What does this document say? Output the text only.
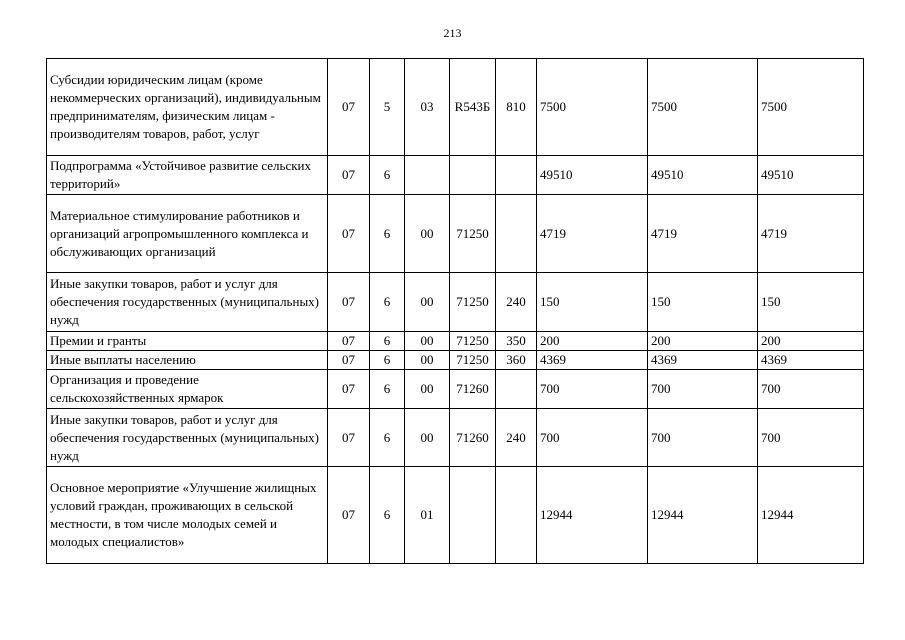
213
Субсидии юридическим лицам (кроме некоммерческих организаций), индивидуальным предпринимателям, физическим лицам - производителям товаров, работ, услуг	07	5	03	R543Б	810	7500	7500	7500
Подпрограмма «Устойчивое развитие сельских территорий»	07	6				49510	49510	49510
Материальное стимулирование работников и организаций агропромышленного комплекса и обслуживающих организаций	07	6	00	71250		4719	4719	4719
Иные закупки товаров, работ и услуг для обеспечения государственных (муниципальных) нужд	07	6	00	71250	240	150	150	150
Премии и гранты	07	6	00	71250	350	200	200	200
Иные выплаты населению	07	6	00	71250	360	4369	4369	4369
Организация и проведение сельскохозяйственных ярмарок	07	6	00	71260		700	700	700
Иные закупки товаров, работ и услуг для обеспечения государственных (муниципальных) нужд	07	6	00	71260	240	700	700	700
Основное мероприятие «Улучшение жилищных условий граждан, проживающих в сельской местности, в том числе молодых семей и молодых специалистов»	07	6	01			12944	12944	12944
